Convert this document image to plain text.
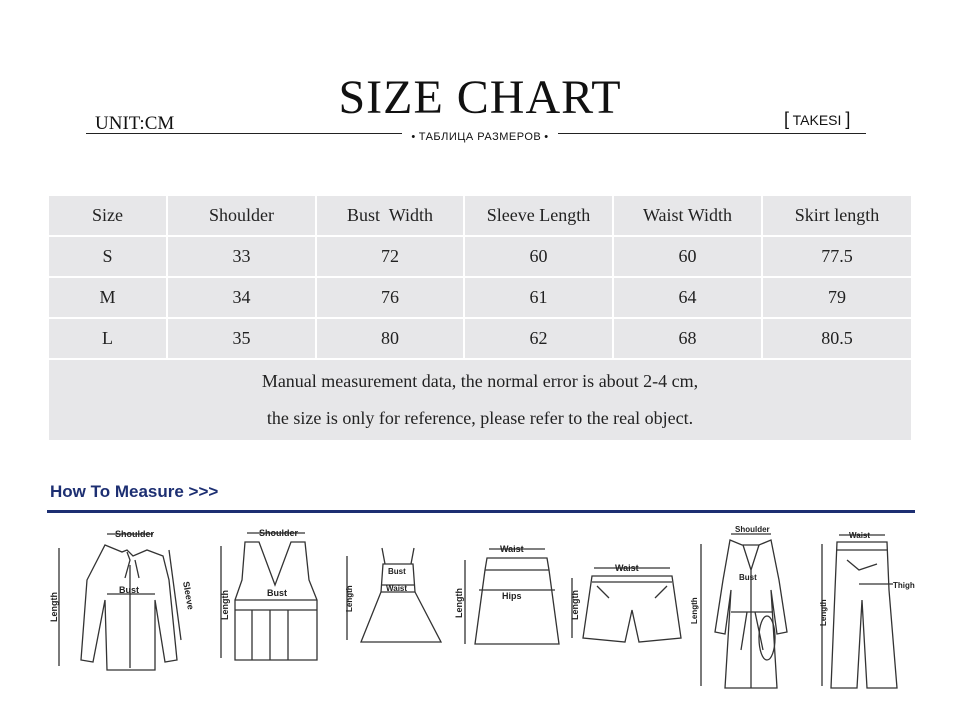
SIZE CHART
UNIT:CM
• ТАБЛИЦА РАЗМЕРОВ •
[ TAKESI ]
Size	Shoulder	Bust  Width	Sleeve Length	Waist Width	Skirt length
S	33	72	60	60	77.5
M	34	76	61	64	79
L	35	80	62	68	80.5

Manual measurement data, the normal error is about 2-4 cm,
the size is only for reference, please refer to the real object.					
How To Measure >>>
Shoulder
Bust
Length	Sleeve
Shoulder
Bust
Length
Bust
Waist
Length
Waist
Hips
Length
Waist
Length
Shoulder
Bust
Length
Waist
Thigh
Length
